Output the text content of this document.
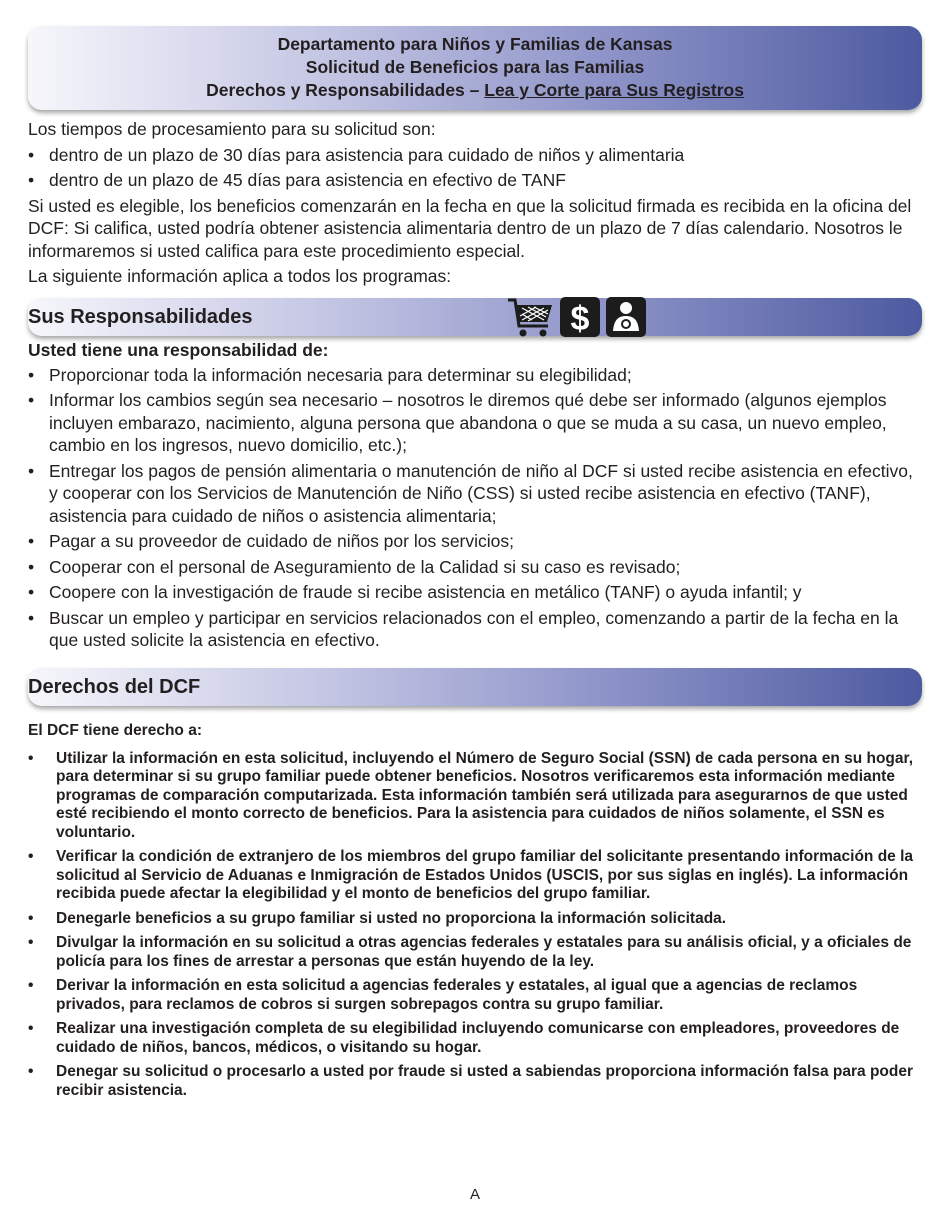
Departamento para Niños y Familias de Kansas
Solicitud de Beneficios para las Familias
Derechos y Responsabilidades – Lea y Corte para Sus Registros

Los tiempos de procesamiento para su solicitud son:

• dentro de un plazo de 30 días para asistencia para cuidado de niños y alimentaria
• dentro de un plazo de 45 días para asistencia en efectivo de TANF

Si usted es elegible, los beneficios comenzarán en la fecha en que la solicitud firmada es recibida en la oficina del DCF: Si califica, usted podría obtener asistencia alimentaria dentro de un plazo de 7 días calendario. Nosotros le informaremos si usted califica para este procedimiento especial.

La siguiente información aplica a todos los programas:

Sus Responsabilidades	$
Usted tiene una responsabilidad de:
• Proporcionar toda la información necesaria para determinar su elegibilidad;
• Informar los cambios según sea necesario – nosotros le diremos qué debe ser informado (algunos ejemplos incluyen embarazo, nacimiento, alguna persona que abandona o que se muda a su casa, un nuevo empleo, cambio en los ingresos, nuevo domicilio, etc.);
• Entregar los pagos de pensión alimentaria o manutención de niño al DCF si usted recibe asistencia en efectivo, y cooperar con los Servicios de Manutención de Niño (CSS) si usted recibe asistencia en efectivo (TANF), asistencia para cuidado de niños o asistencia alimentaria;
• Pagar a su proveedor de cuidado de niños por los servicios;
• Cooperar con el personal de Aseguramiento de la Calidad si su caso es revisado;
• Coopere con la investigación de fraude si recibe asistencia en metálico (TANF) o ayuda infantil; y
• Buscar un empleo y participar en servicios relacionados con el empleo, comenzando a partir de la fecha en la que usted solicite la asistencia en efectivo.
Derechos del DCF
El DCF tiene derecho a:
• Utilizar la información en esta solicitud, incluyendo el Número de Seguro Social (SSN) de cada persona en su hogar, para determinar si su grupo familiar puede obtener beneficios. Nosotros verificaremos esta información mediante programas de comparación computarizada. Esta información también será utilizada para asegurarnos de que usted esté recibiendo el monto correcto de beneficios. Para la asistencia para cuidados de niños solamente, el SSN es voluntario.
• Verificar la condición de extranjero de los miembros del grupo familiar del solicitante presentando información de la solicitud al Servicio de Aduanas e Inmigración de Estados Unidos (USCIS, por sus siglas en inglés). La información recibida puede afectar la elegibilidad y el monto de beneficios del grupo familiar.
• Denegarle beneficios a su grupo familiar si usted no proporciona la información solicitada.
• Divulgar la información en su solicitud a otras agencias federales y estatales para su análisis oficial, y a oficiales de policía para los fines de arrestar a personas que están huyendo de la ley.
• Derivar la información en esta solicitud a agencias federales y estatales, al igual que a agencias de reclamos privados, para reclamos de cobros si surgen sobrepagos contra su grupo familiar.
• Realizar una investigación completa de su elegibilidad incluyendo comunicarse con empleadores, proveedores de cuidado de niños, bancos, médicos, o visitando su hogar.
• Denegar su solicitud o procesarlo a usted por fraude si usted a sabiendas proporciona información falsa para poder recibir asistencia.
A
